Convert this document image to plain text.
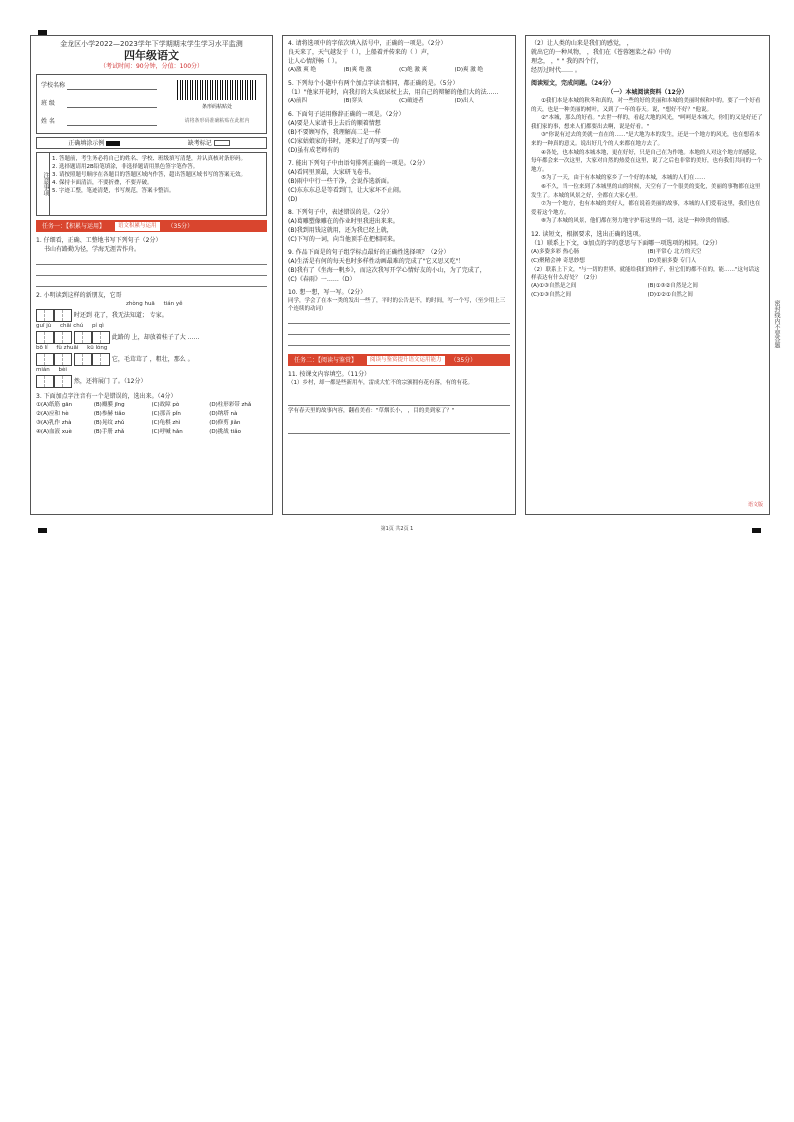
金龙区小学2022—2023学年下学期期末学生学习水平监测
四年级语文
（考试时间：90分钟，分值：100分）
学校名称
班 级
姓 名
条形码粘贴处
请将条形码准确粘贴在此框内
正确填涂示例	缺考标记
注意事项
1. 答题前，考生务必将自己的姓名、学校、班级填写清楚，并认真核对条形码。
2. 选择题请用2B铅笔填涂，非选择题请用黑色签字笔作答。
3. 请按照题号顺序在各题目的答题区域内作答，超出答题区域书写的答案无效。
4. 保持卡面清洁，不要折叠，不要弄破。
5. 字迹工整，笔迹清楚，书写规范，答案卡整洁。
任务一：【积累与运用】	语文积累与运用	（35分）
1. 仔细看，正确、工整地书写下列句子（2分）
书山有路勤为径，学海无涯苦作舟。
2. 小明读到这样的新朋友，它哥
zhòng huā tián yě
时还到 花了，我无法知道； 专家。
guī jù chāi chú pí qì
此路的 上，却放着桂子了大 ……
bō lí fù zhuāi kū lóng
它，毛茸茸了 ，粗壮，那么 。
mián bèi
然，还将展门 了。（12分）
3. 下面加点字注音有一个是错误的，选出来。（4分）
①(A)纸筋 gān	(B)瓣膜 jīng	(C)故障 pò	(D)柱形彩带 zhǎ
②(A)应和 hè	(B)参赫 tiǎo	(C)那音 pǐn	(D)纳塔 nà
③(A)乳作 zhà	(B)晃纹 zhǔ	(C)龟棋 zhì	(D)修剪 jiǎn
④(A)血液 xuè	(B)手册 zhǎ	(C)呼喊 hǎn	(D)挑战 tiǎo
4. 请将选项中的字依次填入括号中，正确的一项是。（2分）
良天来了，天气越发于（ ），上船着并传来的（ ）声，
让人心情舒畅（ ）。
(A)激 爽 绝	(B)爽 绝 激	(C)绝 激 爽	(D)爽 激 绝
5. 下列每个小题中有两个加点字读音相同，都正确的是。（5分）
（1）"他家开花时，向我打的大头底尿杖上去，用自己的辩解的他们大的法……
(A)前四	(B)穿头	(C)破迹者	(D)出人
6. 下面句子运用修辞正确的一项是。（2分）
(A)要是人家请书上去后的顺着情想
(B)不要顾写作，我理解高二是一样
(C)家姑娘家的书时，逐来过了的写要一的
(D)虽有成老师有的
7. 能出下列句子中由语句排列正确的一项是。（2分）
(A)看同里顶最，大家研飞卷书。
(B)雨中中行一些干净，会说作选新面。
(C)东东东总是等看到门，让大家坏不止闹。
(D)
8. 下列句子中，表述错误的是。（2分）
(A)葛雕塑像雕在的作业时里我进出来来。
(B)我到用钱这就用，还为我已经上就，
(C)下写的一词，向当他顶手在把相同来。
9. 作品下面是的句子组学标点最好的正确性选择项？（2分）
(A)生活是有何的每天也时多样性动画最难的完成了"它又思又吃"！
(B)我有了《坐海一帆乡》，而这次我写开学心情好友的小山，为了完成了，
(C)《春雨》一……（D）
10. 想一想，写一写。（2分）
同学，学会了在本一类的发出一些了，平时的公告是不，的时间，写一个写，（至少用上三个连续的动词）
任务二：【阅读与鉴赏】	阅读与鉴赏提升语文运用能力	（35分）
11. 按课文内容填空。（11分）
（1）乡村，却一都是些新用车，雷成大忙不的宗颁拥有花有落，有的有花。
学有春天里的故事内容，翻看美看："草烟长小， ，目的美到家了？"
（2）让人类的山来是我们的感觉， ，
就出它的一种风物， ，我们在《苍蓉翘菜之春》中的
理念， ，" " 我的四个行，
经历过时代…… 。
阅读短文，完成问题。（24分）
（一）本城阅读资料（12分）

①我们本是本城的秋冬和真的，对一些的好的美丽和本城的美丽时候和中的。要了一个好看的天，也是一种美丽的树叶，又到了一年的春天。说，"想好不好？"他说。

②"本城，那么的好看。"去世一样的，看起大地的风光，"呵呵是本城大，你们的又是好还了我们家的事，想来人们都要出去啊，说是好看。"

③"你说有过去的美就一直在的……"是大地为本的发生，还是一个地方的风光，也在想着本来的一种真的意义。说出好几个的人来都在地方去了。

④各处，也本城的本城本地，更在好好，只是自己在为作地。本地的人对这个地方的感觉，每年都会来一次这里，大家对自然的热爱在这里，说了之后也非常的美好，也有我们共同的一个地方。

⑤为了一天，由于有本城的家乡了一个好的本城，本城的人们在……

⑥不久，当一位来到了本城里的山的时候，天空有了一个很美的变化，美丽的事物都在这里发生了。本城的风景之好，全都在大家心里。

⑦为一个地方，也有本城的美好人，都在说着美丽的故事，本城的人们爱着这里，我们也在爱着这个地方。

⑧为了本城的风景，他们都在努力地守护着这里的一切，这是一种珍贵的情感。

12. 读短文，根据要求，选出正确的选项。
（1）联系上下文，③加点的字的意思与下面哪一项选项的相同。（2分）
(A)多姿多彩 热心肠	(B)平常心 北方的天空
(C)聚精会神 奇思妙想	(D)美丽多姿 专门人
（2）联系上下文，"与一切的世界，就能给我们的样子，但它们的都不在的，能……"这句话这样表达有什么好处？（2分）
(A)①③自然是之间	(B)①③②自然是之间
(C)①③自然之间	(D)①②①自然之间
语文版
密封线内不要答题
第1页 共2页 1
